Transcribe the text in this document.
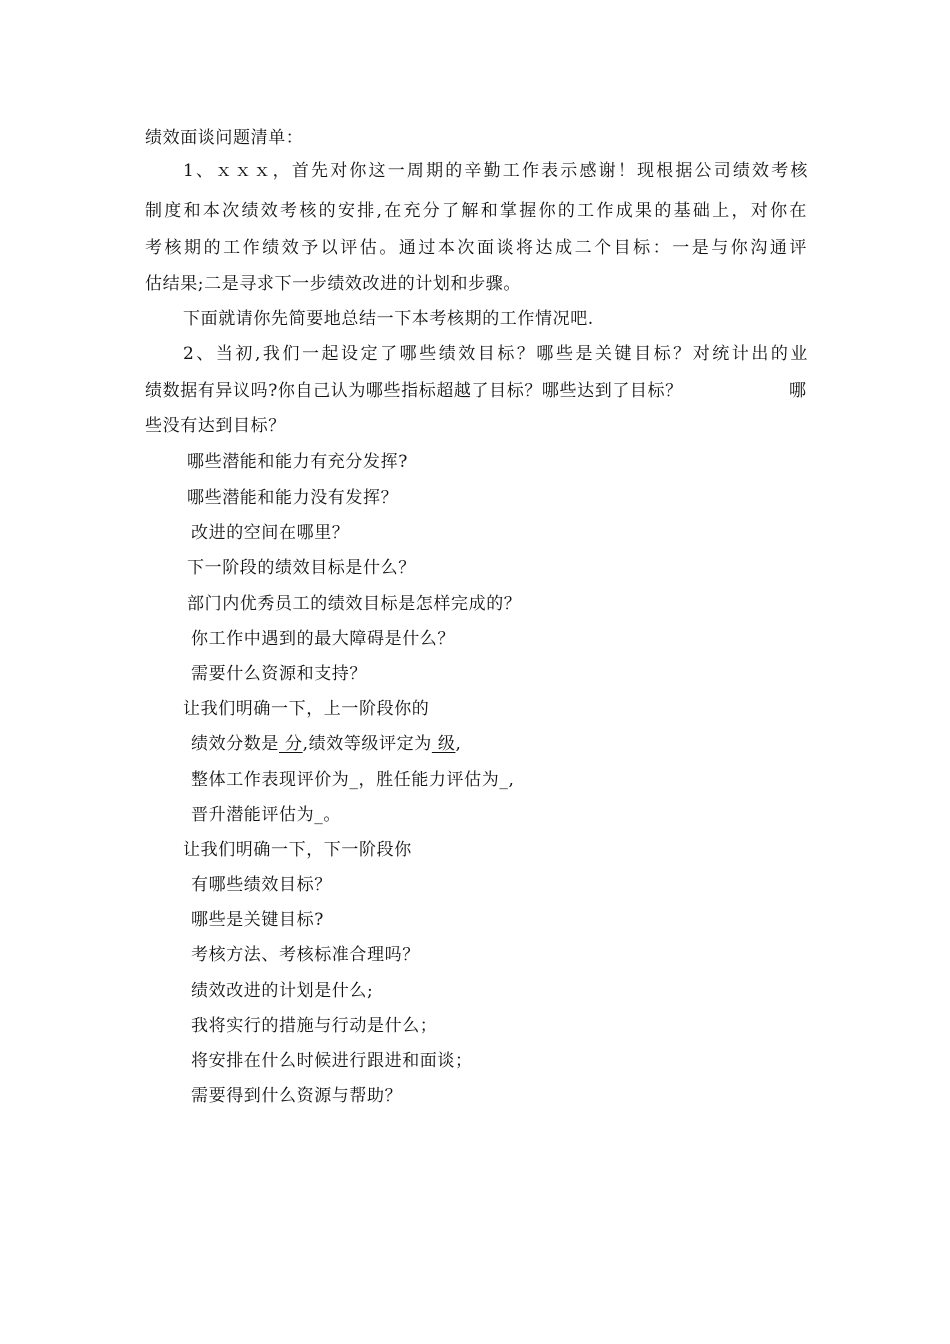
绩效面谈问题清单：
1、ｘｘｘ，首先对你这一周期的辛勤工作表示感谢！现根据公司绩效考核
制度和本次绩效考核的安排,在充分了解和掌握你的工作成果的基础上，对你在
考核期的工作绩效予以评估。通过本次面谈将达成二个目标：一是与你沟通评
估结果;二是寻求下一步绩效改进的计划和步骤。
下面就请你先简要地总结一下本考核期的工作情况吧.
2、当初,我们一起设定了哪些绩效目标？哪些是关键目标？对统计出的业
绩数据有异议吗?你自己认为哪些指标超越了目标？哪些达到了目标？	哪
些没有达到目标？
哪些潜能和能力有充分发挥?
哪些潜能和能力没有发挥？
改进的空间在哪里？
下一阶段的绩效目标是什么？
部门内优秀员工的绩效目标是怎样完成的？
你工作中遇到的最大障碍是什么？
需要什么资源和支持？
让我们明确一下，上一阶段你的
绩效分数是 分,绩效等级评定为 级,
整体工作表现评价为_，胜任能力评估为_,
晋升潜能评估为_。
让我们明确一下，下一阶段你
有哪些绩效目标？
哪些是关键目标?
考核方法、考核标准合理吗？
绩效改进的计划是什么;
我将实行的措施与行动是什么；
将安排在什么时候进行跟进和面谈；
需要得到什么资源与帮助？
